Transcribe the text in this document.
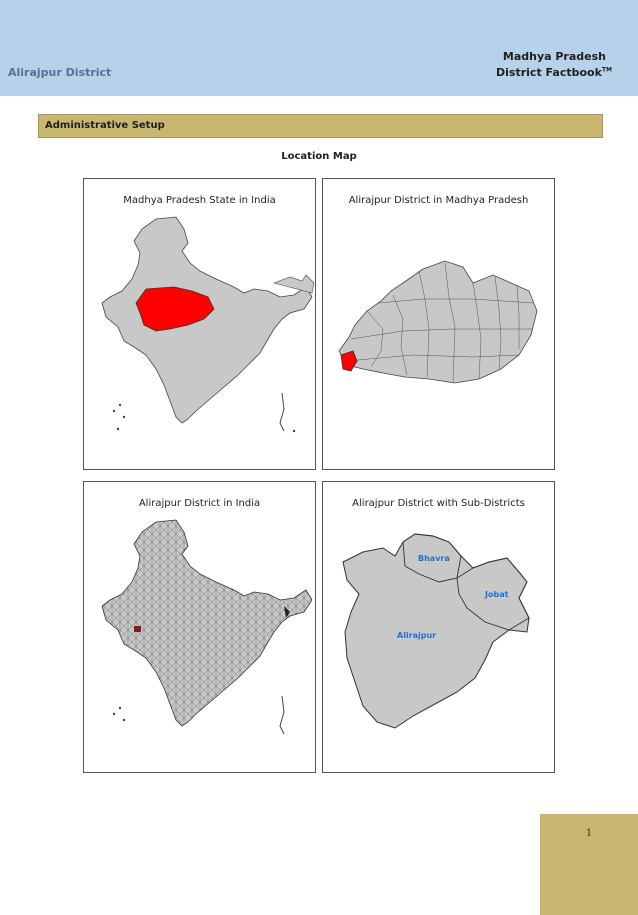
Alirajpur District
Madhya Pradesh
District Factbook™
Administrative Setup
Location Map
Madhya Pradesh State in India	Alirajpur District in Madhya Pradesh
Alirajpur District in India	Alirajpur District with Sub-Districts
Bhavra
Jobat
Alirajpur
1
